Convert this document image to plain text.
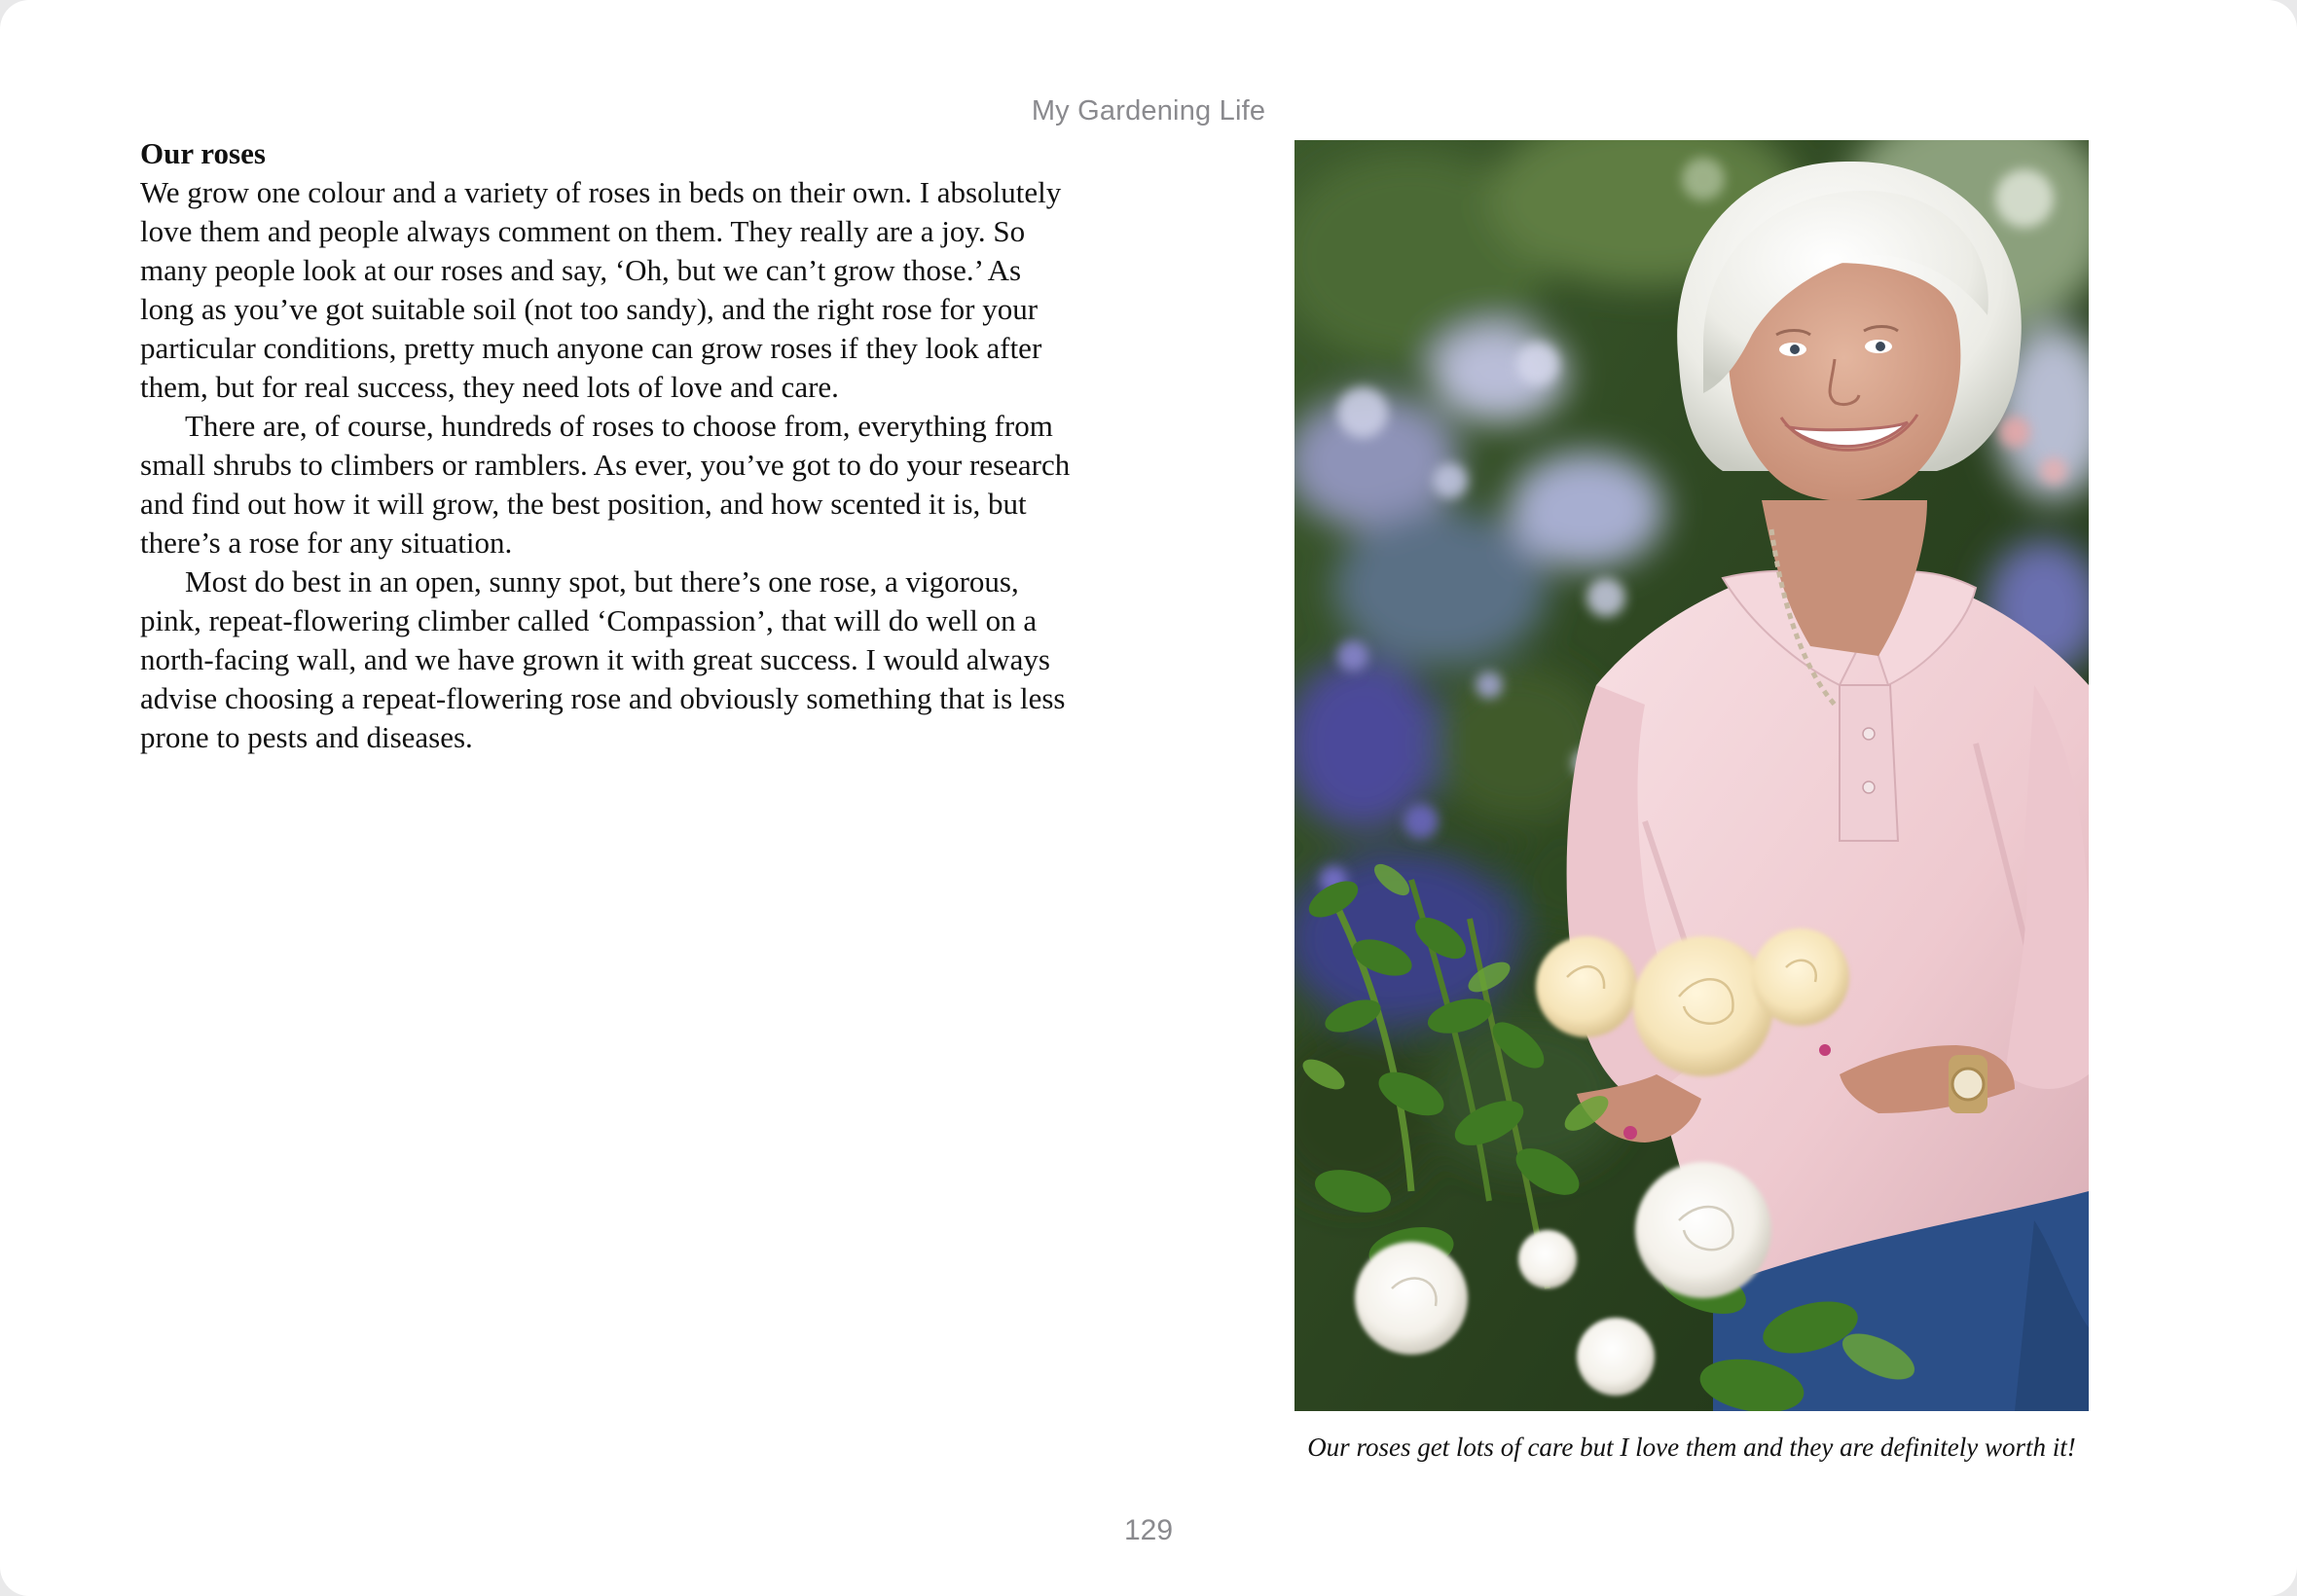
My Gardening Life
Our roses

We grow one colour and a variety of roses in beds on their own. I absolutely love them and people always comment on them. They really are a joy. So many people look at our roses and say, ‘Oh, but we can’t grow those.’ As long as you’ve got suitable soil (not too sandy), and the right rose for your particular conditions, pretty much anyone can grow roses if they look after them, but for real success, they need lots of love and care.

There are, of course, hundreds of roses to choose from, everything from small shrubs to climbers or ramblers. As ever, you’ve got to do your research and find out how it will grow, the best position, and how scented it is, but there’s a rose for any situation.

Most do best in an open, sunny spot, but there’s one rose, a vigorous, pink, repeat-flowering climber called ‘Compassion’, that will do well on a north-facing wall, and we have grown it with great success. I would always advise choosing a repeat-flowering rose and obviously something that is less prone to pests and diseases.

Our roses get lots of care but I love them and they are definitely worth it!
129
